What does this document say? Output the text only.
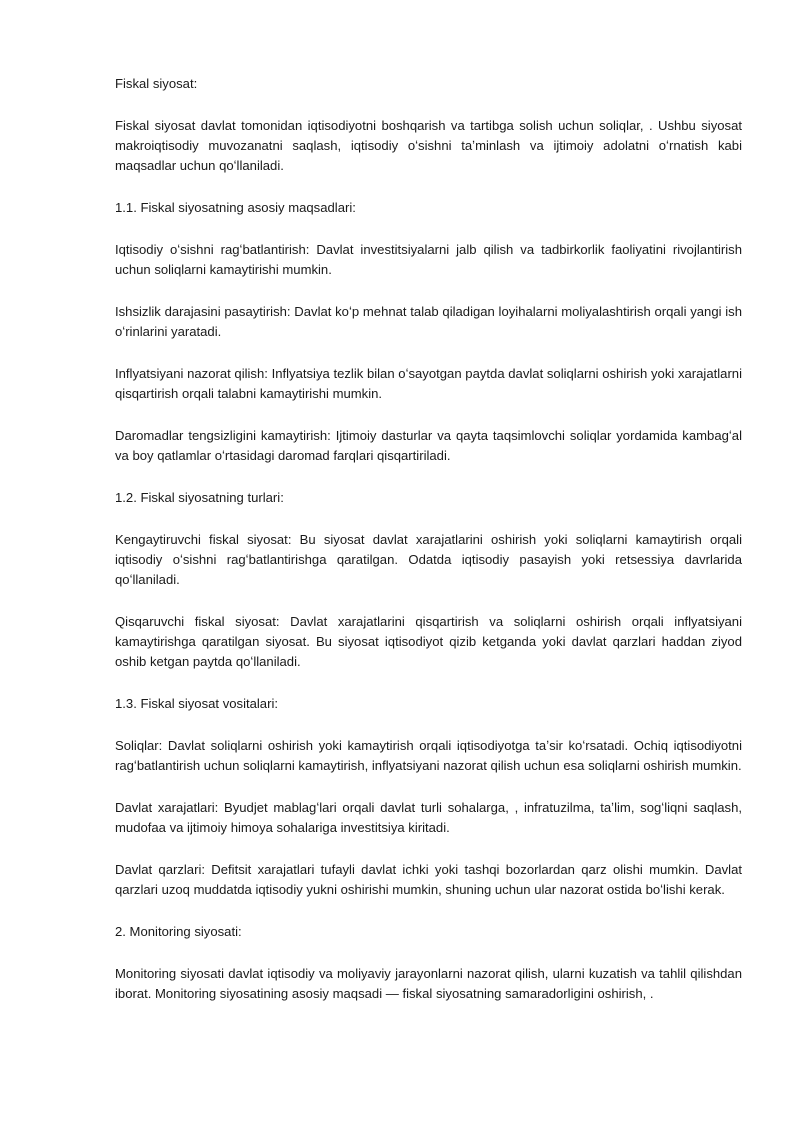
Fiskal siyosat:

Fiskal siyosat davlat tomonidan iqtisodiyotni boshqarish va tartibga solish uchun soliqlar, . Ushbu siyosat makroiqtisodiy muvozanatni saqlash, iqtisodiy oʻsishni taʼminlash va ijtimoiy adolatni oʻrnatish kabi maqsadlar uchun qoʻllaniladi.

1.1. Fiskal siyosatning asosiy maqsadlari:

Iqtisodiy oʻsishni ragʻbatlantirish: Davlat investitsiyalarni jalb qilish va tadbirkorlik faoliyatini rivojlantirish uchun soliqlarni kamaytirishi mumkin.

Ishsizlik darajasini pasaytirish: Davlat koʻp mehnat talab qiladigan loyihalarni moliyalashtirish orqali yangi ish oʻrinlarini yaratadi.

Inflyatsiyani nazorat qilish: Inflyatsiya tezlik bilan oʻsayotgan paytda davlat soliqlarni oshirish yoki xarajatlarni qisqartirish orqali talabni kamaytirishi mumkin.

Daromadlar tengsizligini kamaytirish: Ijtimoiy dasturlar va qayta taqsimlovchi soliqlar yordamida kambagʻal va boy qatlamlar oʻrtasidagi daromad farqlari qisqartiriladi.

1.2. Fiskal siyosatning turlari:

Kengaytiruvchi fiskal siyosat: Bu siyosat davlat xarajatlarini oshirish yoki soliqlarni kamaytirish orqali iqtisodiy oʻsishni ragʻbatlantirishga qaratilgan. Odatda iqtisodiy pasayish yoki retsessiya davrlarida qoʻllaniladi.

Qisqaruvchi fiskal siyosat: Davlat xarajatlarini qisqartirish va soliqlarni oshirish orqali inflyatsiyani kamaytirishga qaratilgan siyosat. Bu siyosat iqtisodiyot qizib ketganda yoki davlat qarzlari haddan ziyod oshib ketgan paytda qoʻllaniladi.

1.3. Fiskal siyosat vositalari:

Soliqlar: Davlat soliqlarni oshirish yoki kamaytirish orqali iqtisodiyotga taʼsir koʻrsatadi. Ochiq iqtisodiyotni ragʻbatlantirish uchun soliqlarni kamaytirish, inflyatsiyani nazorat qilish uchun esa soliqlarni oshirish mumkin.

Davlat xarajatlari: Byudjet mablagʻlari orqali davlat turli sohalarga, , infratuzilma, taʼlim, sogʻliqni saqlash, mudofaa va ijtimoiy himoya sohalariga investitsiya kiritadi.

Davlat qarzlari: Defitsit xarajatlari tufayli davlat ichki yoki tashqi bozorlardan qarz olishi mumkin. Davlat qarzlari uzoq muddatda iqtisodiy yukni oshirishi mumkin, shuning uchun ular nazorat ostida boʻlishi kerak.

2. Monitoring siyosati:

Monitoring siyosati davlat iqtisodiy va moliyaviy jarayonlarni nazorat qilish, ularni kuzatish va tahlil qilishdan iborat. Monitoring siyosatining asosiy maqsadi — fiskal siyosatning samaradorligini oshirish, .
